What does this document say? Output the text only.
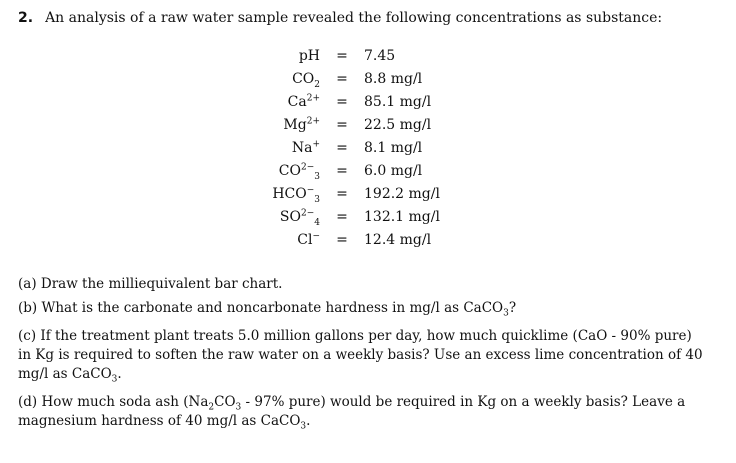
2. An analysis of a raw water sample revealed the following concentrations as substance:
pH	=	7.45
$CO_2$	=	8.8 mg/l
$Ca^{2+}$	=	85.1 mg/l
$Mg^{2+}$	=	22.5 mg/l
Na+	=	8.1 mg/l
$CO^{2-}_3$	=	6.0 mg/l
$HCO^-_3$	=	192.2 mg/l
$SO^{2-}_4$	=	132.1 mg/l
Cl−	=	12.4 mg/l
(a) Draw the milliequivalent bar chart.
(b) What is the carbonate and noncarbonate hardness in mg/l as CaCO$_3$?
(c) If the treatment plant treats 5.0 million gallons per day, how much quicklime (CaO - 90% pure) in Kg is required to soften the raw water on a weekly basis? Use an excess lime concentration of 40 mg/l as CaCO$_3$.
(d) How much soda ash ($Na_2CO_3 - 97\%$ pure) would be required in Kg on a weekly basis? Leave a magnesium hardness of 40 mg/l as CaCO$_3$.
